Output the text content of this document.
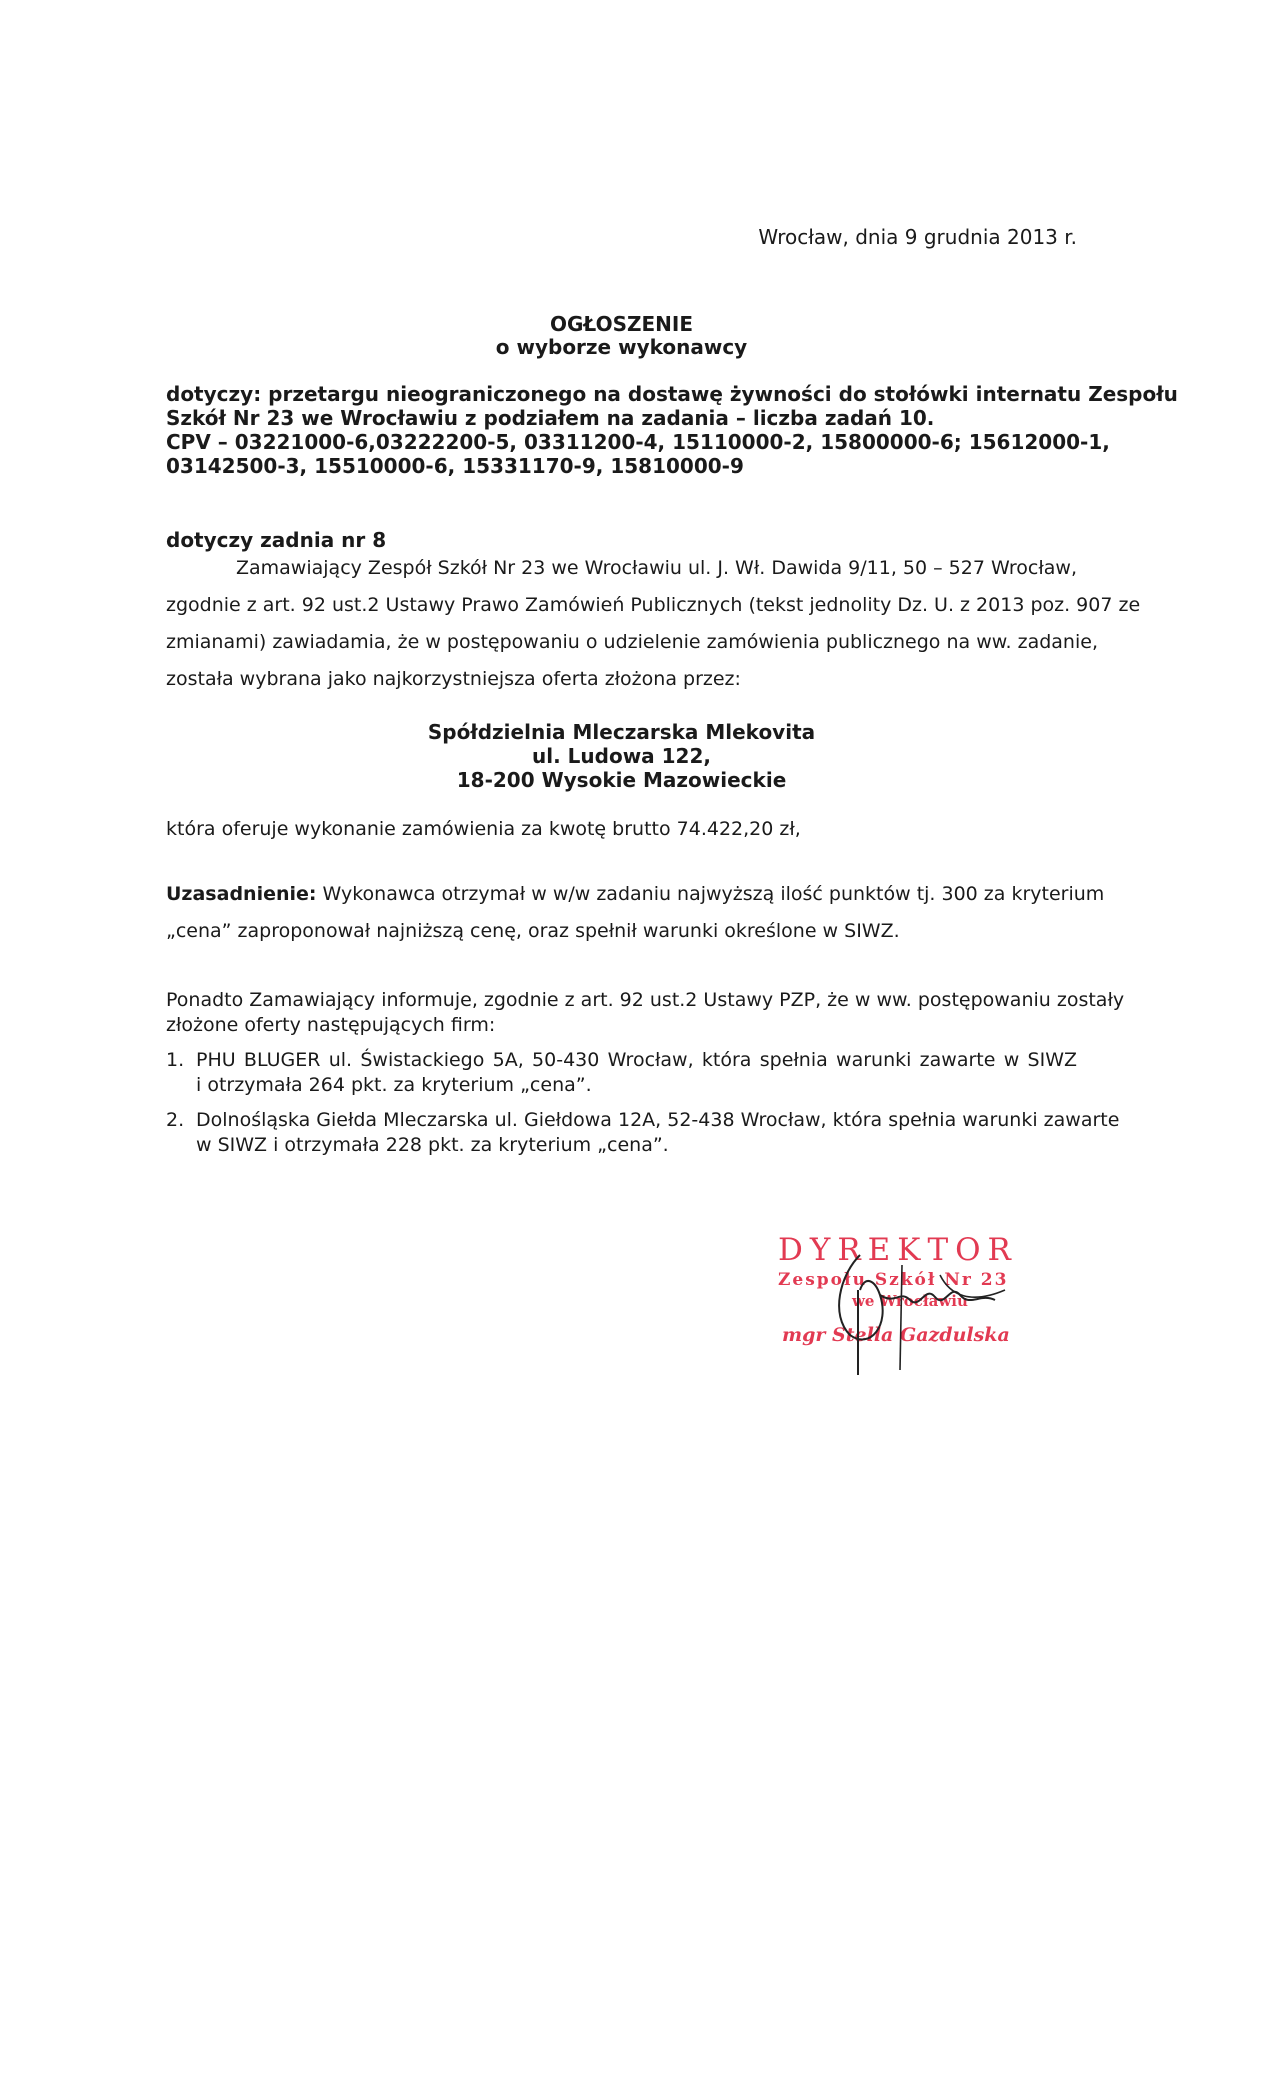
Wrocław, dnia 9 grudnia 2013 r.
OGŁOSZENIE
o wyborze wykonawcy
dotyczy: przetargu nieograniczonego na dostawę żywności do stołówki internatu Zespołu
Szkół Nr 23 we Wrocławiu z podziałem na zadania – liczba zadań 10.
CPV – 03221000-6,03222200-5, 03311200-4, 15110000-2, 15800000-6; 15612000-1,
03142500-3, 15510000-6, 15331170-9, 15810000-9
dotyczy zadnia nr 8
Zamawiający Zespół Szkół Nr 23 we Wrocławiu ul. J. Wł. Dawida 9/11, 50 – 527 Wrocław,
zgodnie z art. 92 ust.2 Ustawy Prawo Zamówień Publicznych (tekst jednolity Dz. U. z 2013 poz. 907 ze
zmianami) zawiadamia, że w postępowaniu o udzielenie zamówienia publicznego na ww. zadanie,
została wybrana jako najkorzystniejsza oferta złożona przez:
Spółdzielnia Mleczarska Mlekovita
ul. Ludowa 122,
18-200 Wysokie Mazowieckie
która oferuje wykonanie zamówienia za kwotę brutto 74.422,20 zł,
Uzasadnienie: Wykonawca otrzymał w w/w zadaniu najwyższą ilość punktów tj. 300 za kryterium
„cena” zaproponował najniższą cenę, oraz spełnił warunki określone w SIWZ.
Ponadto Zamawiający informuje, zgodnie z art. 92 ust.2 Ustawy PZP, że w ww. postępowaniu zostały
złożone oferty następujących firm:
1. PHU BLUGER ul. Świstackiego 5A, 50-430 Wrocław, która spełnia warunki zawarte w SIWZ
i otrzymała 264 pkt. za kryterium „cena”.
2. Dolnośląska Giełda Mleczarska ul. Giełdowa 12A, 52-438 Wrocław, która spełnia warunki zawarte
w SIWZ i otrzymała 228 pkt. za kryterium „cena”.
DYREKTOR
Zespołu Szkół Nr 23
we Wrocławiu
mgr Stella Gazdulska
